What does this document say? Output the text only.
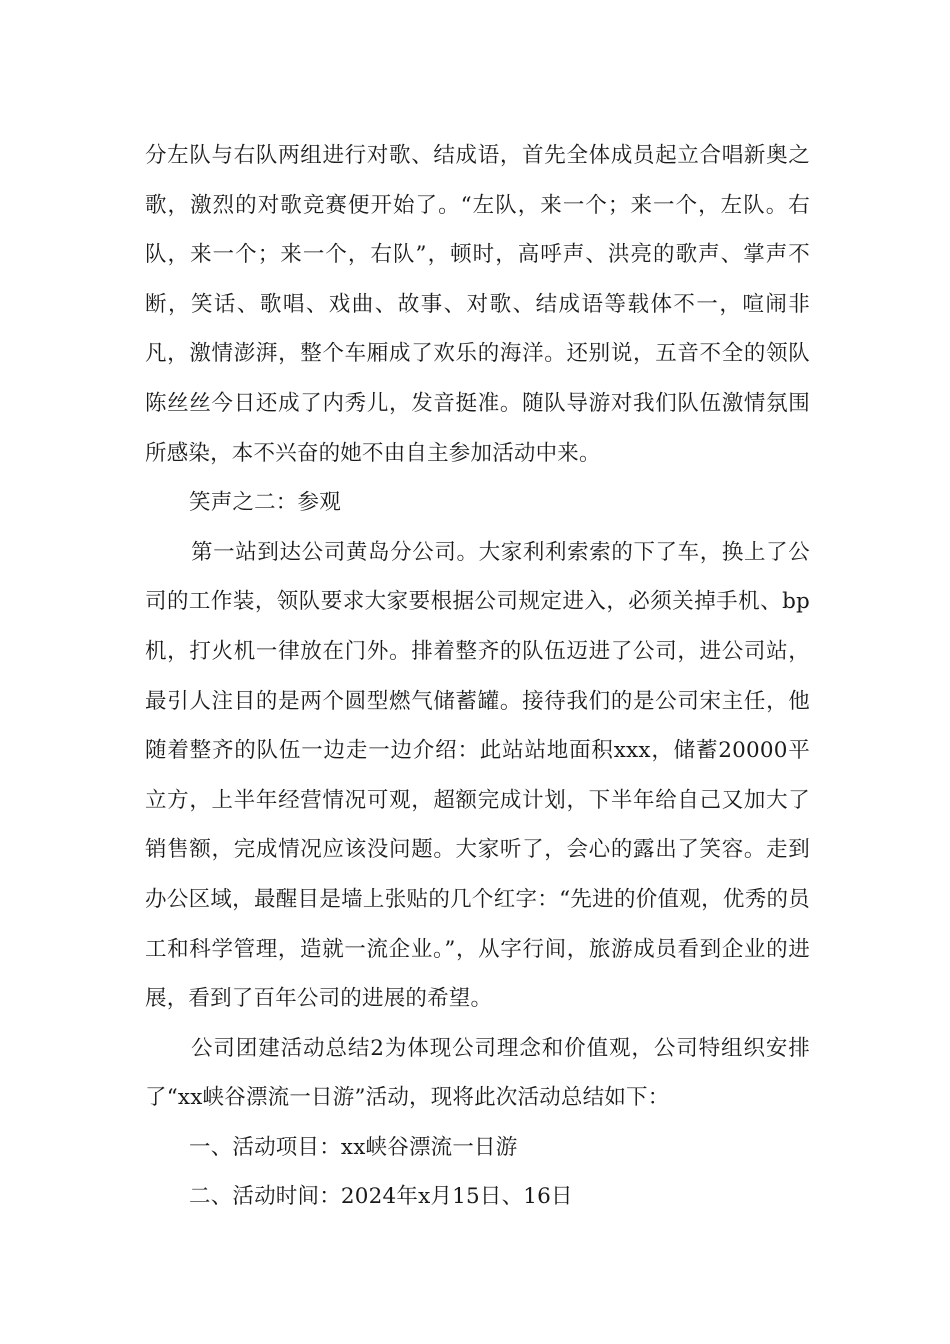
分左队与右队两组进行对歌、结成语，首先全体成员起立合唱新奥之歌，激烈的对歌竞赛便开始了。“左队，来一个；来一个，左队。右队，来一个；来一个，右队”，顿时，高呼声、洪亮的歌声、掌声不断，笑话、歌唱、戏曲、故事、对歌、结成语等载体不一，喧闹非凡，激情澎湃，整个车厢成了欢乐的海洋。还别说，五音不全的领队陈丝丝今日还成了内秀儿，发音挺准。随队导游对我们队伍激情氛围所感染，本不兴奋的她不由自主参加活动中来。

笑声之二：参观

第一站到达公司黄岛分公司。大家利利索索的下了车，换上了公司的工作装，领队要求大家要根据公司规定进入，必须关掉手机、bp机，打火机一律放在门外。排着整齐的队伍迈进了公司，进公司站，最引人注目的是两个圆型燃气储蓄罐。接待我们的是公司宋主任，他随着整齐的队伍一边走一边介绍：此站站地面积xxx，储蓄20000平立方，上半年经营情况可观，超额完成计划，下半年给自己又加大了销售额，完成情况应该没问题。大家听了，会心的露出了笑容。走到办公区域，最醒目是墙上张贴的几个红字：“先进的价值观，优秀的员工和科学管理，造就一流企业。”，从字行间，旅游成员看到企业的进展，看到了百年公司的进展的希望。

公司团建活动总结2为体现公司理念和价值观，公司特组织安排了“xx峡谷漂流一日游”活动，现将此次活动总结如下：

一、活动项目：xx峡谷漂流一日游

二、活动时间：2024年x月15日、16日
